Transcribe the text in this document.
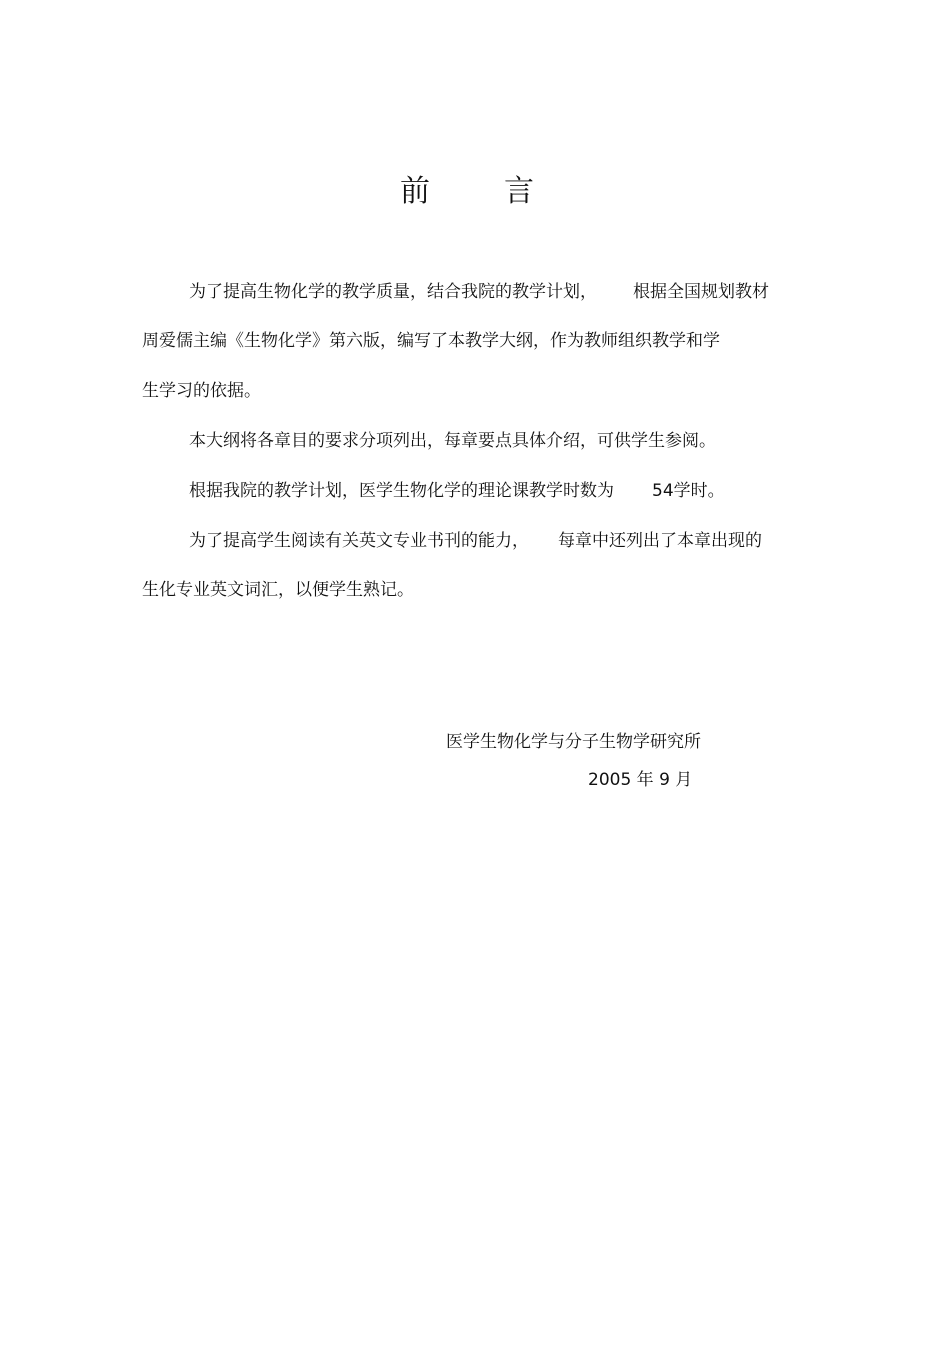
前 言
为了提高生物化学的教学质量，结合我院的教学计划， 根据全国规划教材
周爱儒主编《生物化学》第六版，编写了本教学大纲，作为教师组织教学和学
生学习的依据。
本大纲将各章目的要求分项列出，每章要点具体介绍，可供学生参阅。
根据我院的教学计划，医学生物化学的理论课教学时数为 54学时。
为了提高学生阅读有关英文专业书刊的能力， 每章中还列出了本章出现的
生化专业英文词汇，以便学生熟记。
医学生物化学与分子生物学研究所
2005 年 9 月
